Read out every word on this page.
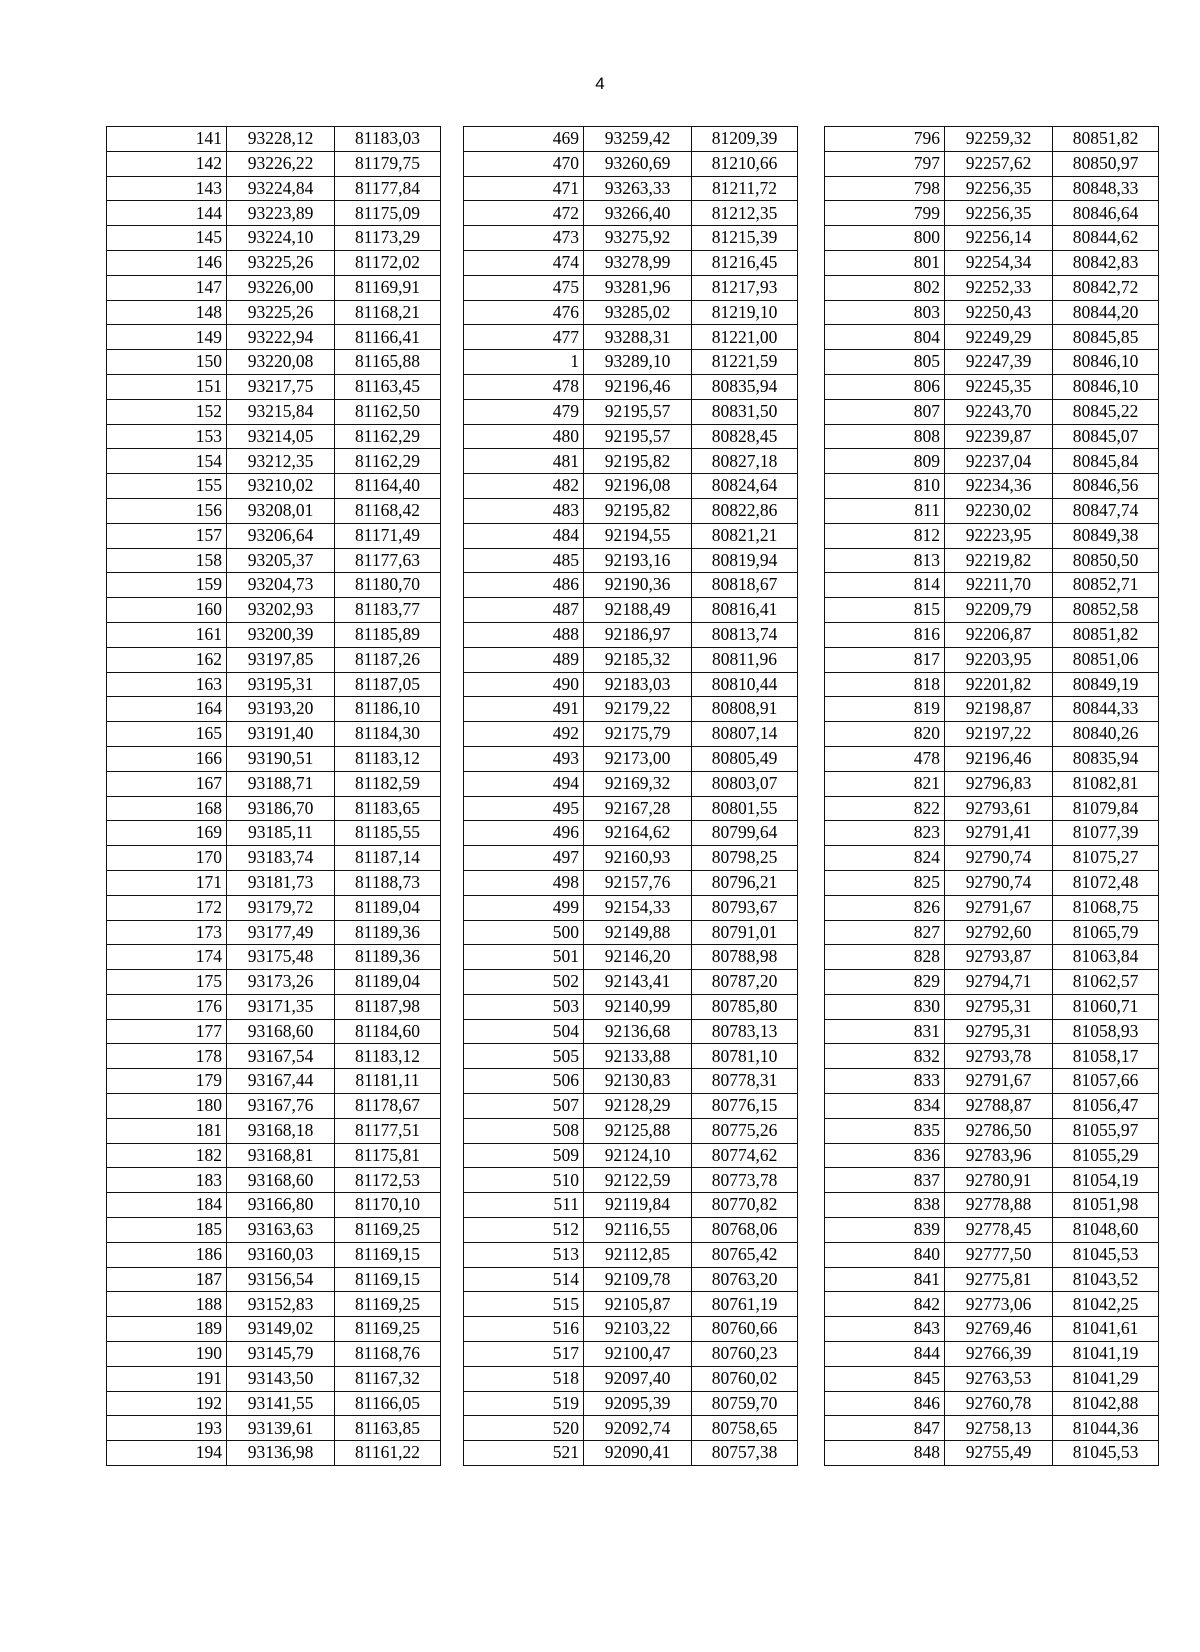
4
141	93228,12	81183,03
142	93226,22	81179,75
143	93224,84	81177,84
144	93223,89	81175,09
145	93224,10	81173,29
146	93225,26	81172,02
147	93226,00	81169,91
148	93225,26	81168,21
149	93222,94	81166,41
150	93220,08	81165,88
151	93217,75	81163,45
152	93215,84	81162,50
153	93214,05	81162,29
154	93212,35	81162,29
155	93210,02	81164,40
156	93208,01	81168,42
157	93206,64	81171,49
158	93205,37	81177,63
159	93204,73	81180,70
160	93202,93	81183,77
161	93200,39	81185,89
162	93197,85	81187,26
163	93195,31	81187,05
164	93193,20	81186,10
165	93191,40	81184,30
166	93190,51	81183,12
167	93188,71	81182,59
168	93186,70	81183,65
169	93185,11	81185,55
170	93183,74	81187,14
171	93181,73	81188,73
172	93179,72	81189,04
173	93177,49	81189,36
174	93175,48	81189,36
175	93173,26	81189,04
176	93171,35	81187,98
177	93168,60	81184,60
178	93167,54	81183,12
179	93167,44	81181,11
180	93167,76	81178,67
181	93168,18	81177,51
182	93168,81	81175,81
183	93168,60	81172,53
184	93166,80	81170,10
185	93163,63	81169,25
186	93160,03	81169,15
187	93156,54	81169,15
188	93152,83	81169,25
189	93149,02	81169,25
190	93145,79	81168,76
191	93143,50	81167,32
192	93141,55	81166,05
193	93139,61	81163,85
194	93136,98	81161,22
469	93259,42	81209,39
470	93260,69	81210,66
471	93263,33	81211,72
472	93266,40	81212,35
473	93275,92	81215,39
474	93278,99	81216,45
475	93281,96	81217,93
476	93285,02	81219,10
477	93288,31	81221,00
1	93289,10	81221,59
478	92196,46	80835,94
479	92195,57	80831,50
480	92195,57	80828,45
481	92195,82	80827,18
482	92196,08	80824,64
483	92195,82	80822,86
484	92194,55	80821,21
485	92193,16	80819,94
486	92190,36	80818,67
487	92188,49	80816,41
488	92186,97	80813,74
489	92185,32	80811,96
490	92183,03	80810,44
491	92179,22	80808,91
492	92175,79	80807,14
493	92173,00	80805,49
494	92169,32	80803,07
495	92167,28	80801,55
496	92164,62	80799,64
497	92160,93	80798,25
498	92157,76	80796,21
499	92154,33	80793,67
500	92149,88	80791,01
501	92146,20	80788,98
502	92143,41	80787,20
503	92140,99	80785,80
504	92136,68	80783,13
505	92133,88	80781,10
506	92130,83	80778,31
507	92128,29	80776,15
508	92125,88	80775,26
509	92124,10	80774,62
510	92122,59	80773,78
511	92119,84	80770,82
512	92116,55	80768,06
513	92112,85	80765,42
514	92109,78	80763,20
515	92105,87	80761,19
516	92103,22	80760,66
517	92100,47	80760,23
518	92097,40	80760,02
519	92095,39	80759,70
520	92092,74	80758,65
521	92090,41	80757,38
796	92259,32	80851,82
797	92257,62	80850,97
798	92256,35	80848,33
799	92256,35	80846,64
800	92256,14	80844,62
801	92254,34	80842,83
802	92252,33	80842,72
803	92250,43	80844,20
804	92249,29	80845,85
805	92247,39	80846,10
806	92245,35	80846,10
807	92243,70	80845,22
808	92239,87	80845,07
809	92237,04	80845,84
810	92234,36	80846,56
811	92230,02	80847,74
812	92223,95	80849,38
813	92219,82	80850,50
814	92211,70	80852,71
815	92209,79	80852,58
816	92206,87	80851,82
817	92203,95	80851,06
818	92201,82	80849,19
819	92198,87	80844,33
820	92197,22	80840,26
478	92196,46	80835,94
821	92796,83	81082,81
822	92793,61	81079,84
823	92791,41	81077,39
824	92790,74	81075,27
825	92790,74	81072,48
826	92791,67	81068,75
827	92792,60	81065,79
828	92793,87	81063,84
829	92794,71	81062,57
830	92795,31	81060,71
831	92795,31	81058,93
832	92793,78	81058,17
833	92791,67	81057,66
834	92788,87	81056,47
835	92786,50	81055,97
836	92783,96	81055,29
837	92780,91	81054,19
838	92778,88	81051,98
839	92778,45	81048,60
840	92777,50	81045,53
841	92775,81	81043,52
842	92773,06	81042,25
843	92769,46	81041,61
844	92766,39	81041,19
845	92763,53	81041,29
846	92760,78	81042,88
847	92758,13	81044,36
848	92755,49	81045,53
